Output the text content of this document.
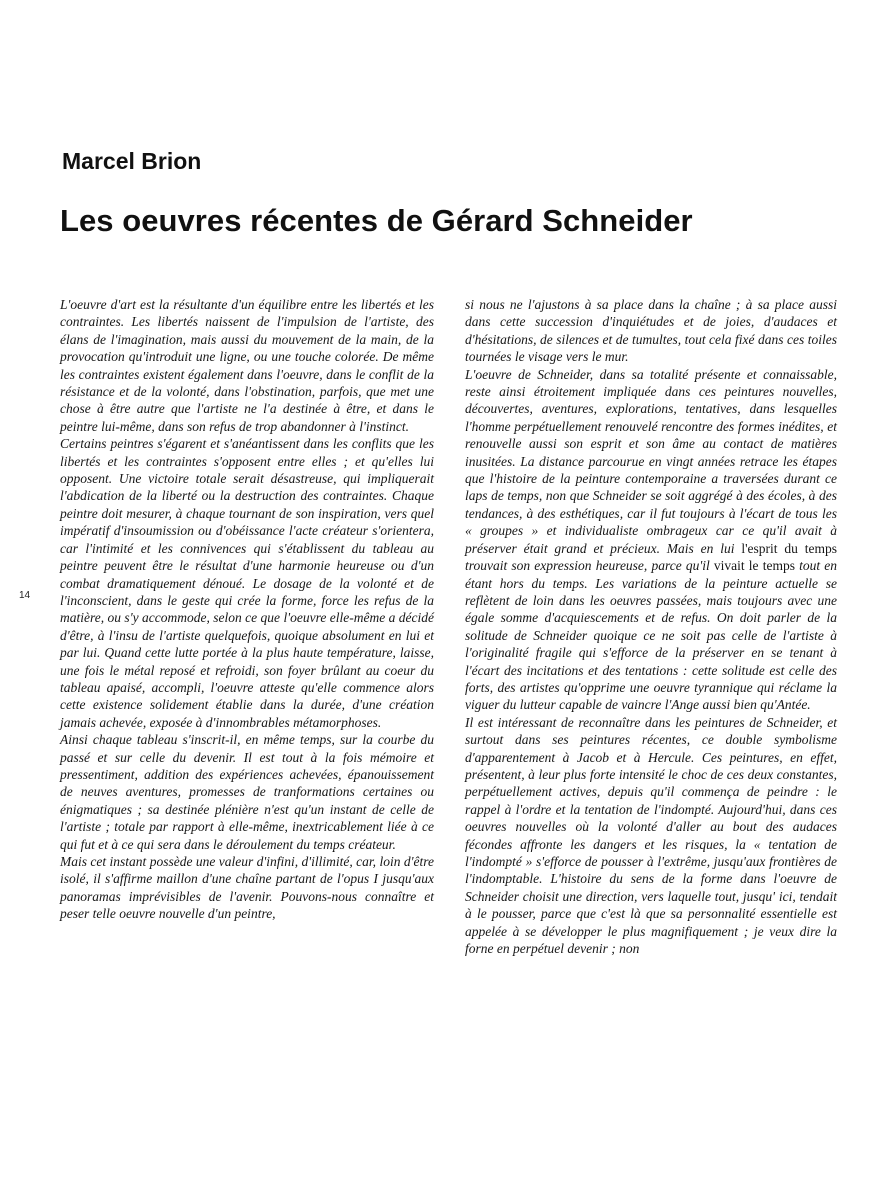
Marcel Brion
Les oeuvres récentes de Gérard Schneider
14

L'oeuvre d'art est la résultante d'un équilibre entre les libertés et les contraintes. Les libertés naissent de l'impulsion de l'artiste, des élans de l'imagination, mais aussi du mouvement de la main, de la provocation qu'introduit une ligne, ou une touche colorée. De même les contraintes existent également dans l'oeuvre, dans le conflit de la résistance et de la volonté, dans l'obstination, parfois, que met une chose à être autre que l'artiste ne l'a destinée à être, et dans le peintre lui-même, dans son refus de trop abandonner à l'instinct.

Certains peintres s'égarent et s'anéantissent dans les conflits que les libertés et les contraintes s'opposent entre elles ; et qu'elles lui opposent. Une victoire totale serait désastreuse, qui impliquerait l'abdication de la liberté ou la destruction des contraintes. Chaque peintre doit mesurer, à chaque tournant de son inspiration, vers quel impératif d'insoumission ou d'obéissance l'acte créateur s'orientera, car l'intimité et les connivences qui s'établissent du tableau au peintre peuvent être le résultat d'une harmonie heureuse ou d'un combat dramatiquement dénoué. Le dosage de la volonté et de l'inconscient, dans le geste qui crée la forme, force les refus de la matière, ou s'y accommode, selon ce que l'oeuvre elle-même a décidé d'être, à l'insu de l'artiste quelquefois, quoique absolument en lui et par lui. Quand cette lutte portée à la plus haute température, laisse, une fois le métal reposé et refroidi, son foyer brûlant au coeur du tableau apaisé, accompli, l'oeuvre atteste qu'elle commence alors cette existence solidement établie dans la durée, d'une création jamais achevée, exposée à d'innombrables métamorphoses.

Ainsi chaque tableau s'inscrit-il, en même temps, sur la courbe du passé et sur celle du devenir. Il est tout à la fois mémoire et pressentiment, addition des expériences achevées, épanouissement de neuves aventures, promesses de tranformations certaines ou énigmatiques ; sa destinée plénière n'est qu'un instant de celle de l'artiste ; totale par rapport à elle-même, inextricablement liée à ce qui fut et à ce qui sera dans le déroulement du temps créateur.

Mais cet instant possède une valeur d'infini, d'illimité, car, loin d'être isolé, il s'affirme maillon d'une chaîne partant de l'opus I jusqu'aux panoramas imprévisibles de l'avenir. Pouvons-nous connaître et peser telle oeuvre nouvelle d'un peintre,

si nous ne l'ajustons à sa place dans la chaîne ; à sa place aussi dans cette succession d'inquiétudes et de joies, d'audaces et d'hésitations, de silences et de tumultes, tout cela fixé dans ces toiles tournées le visage vers le mur.

L'oeuvre de Schneider, dans sa totalité présente et connaissable, reste ainsi étroitement impliquée dans ces peintures nouvelles, découvertes, aventures, explorations, tentatives, dans lesquelles l'homme perpétuellement renouvelé rencontre des formes inédites, et renouvelle aussi son esprit et son âme au contact de matières inusitées. La distance parcourue en vingt années retrace les étapes que l'histoire de la peinture contemporaine a traversées durant ce laps de temps, non que Schneider se soit aggrégé à des écoles, à des tendances, à des esthétiques, car il fut toujours à l'écart de tous les « groupes » et individualiste ombrageux car ce qu'il avait à préserver était grand et précieux. Mais en lui l'esprit du temps trouvait son expression heureuse, parce qu'il vivait le temps tout en étant hors du temps. Les variations de la peinture actuelle se reflètent de loin dans les oeuvres passées, mais toujours avec une égale somme d'acquiescements et de refus. On doit parler de la solitude de Schneider quoique ce ne soit pas celle de l'artiste à l'originalité fragile qui s'efforce de la préserver en se tenant à l'écart des incitations et des tentations : cette solitude est celle des forts, des artistes qu'opprime une oeuvre tyrannique qui réclame la viguer du lutteur capable de vaincre l'Ange aussi bien qu'Antée.

Il est intéressant de reconnaître dans les peintures de Schneider, et surtout dans ses peintures récentes, ce double symbolisme d'apparentement à Jacob et à Hercule. Ces peintures, en effet, présentent, à leur plus forte intensité le choc de ces deux constantes, perpétuellement actives, depuis qu'il commença de peindre : le rappel à l'ordre et la tentation de l'indompté. Aujourd'hui, dans ces oeuvres nouvelles où la volonté d'aller au bout des audaces fécondes affronte les dangers et les risques, la « tentation de l'indompté » s'efforce de pousser à l'extrême, jusqu'aux frontières de l'indomptable. L'histoire du sens de la forme dans l'oeuvre de Schneider choisit une direction, vers laquelle tout, jusqu' ici, tendait à le pousser, parce que c'est là que sa personnalité essentielle est appelée à se développer le plus magnifiquement ; je veux dire la forne en perpétuel devenir ; non
